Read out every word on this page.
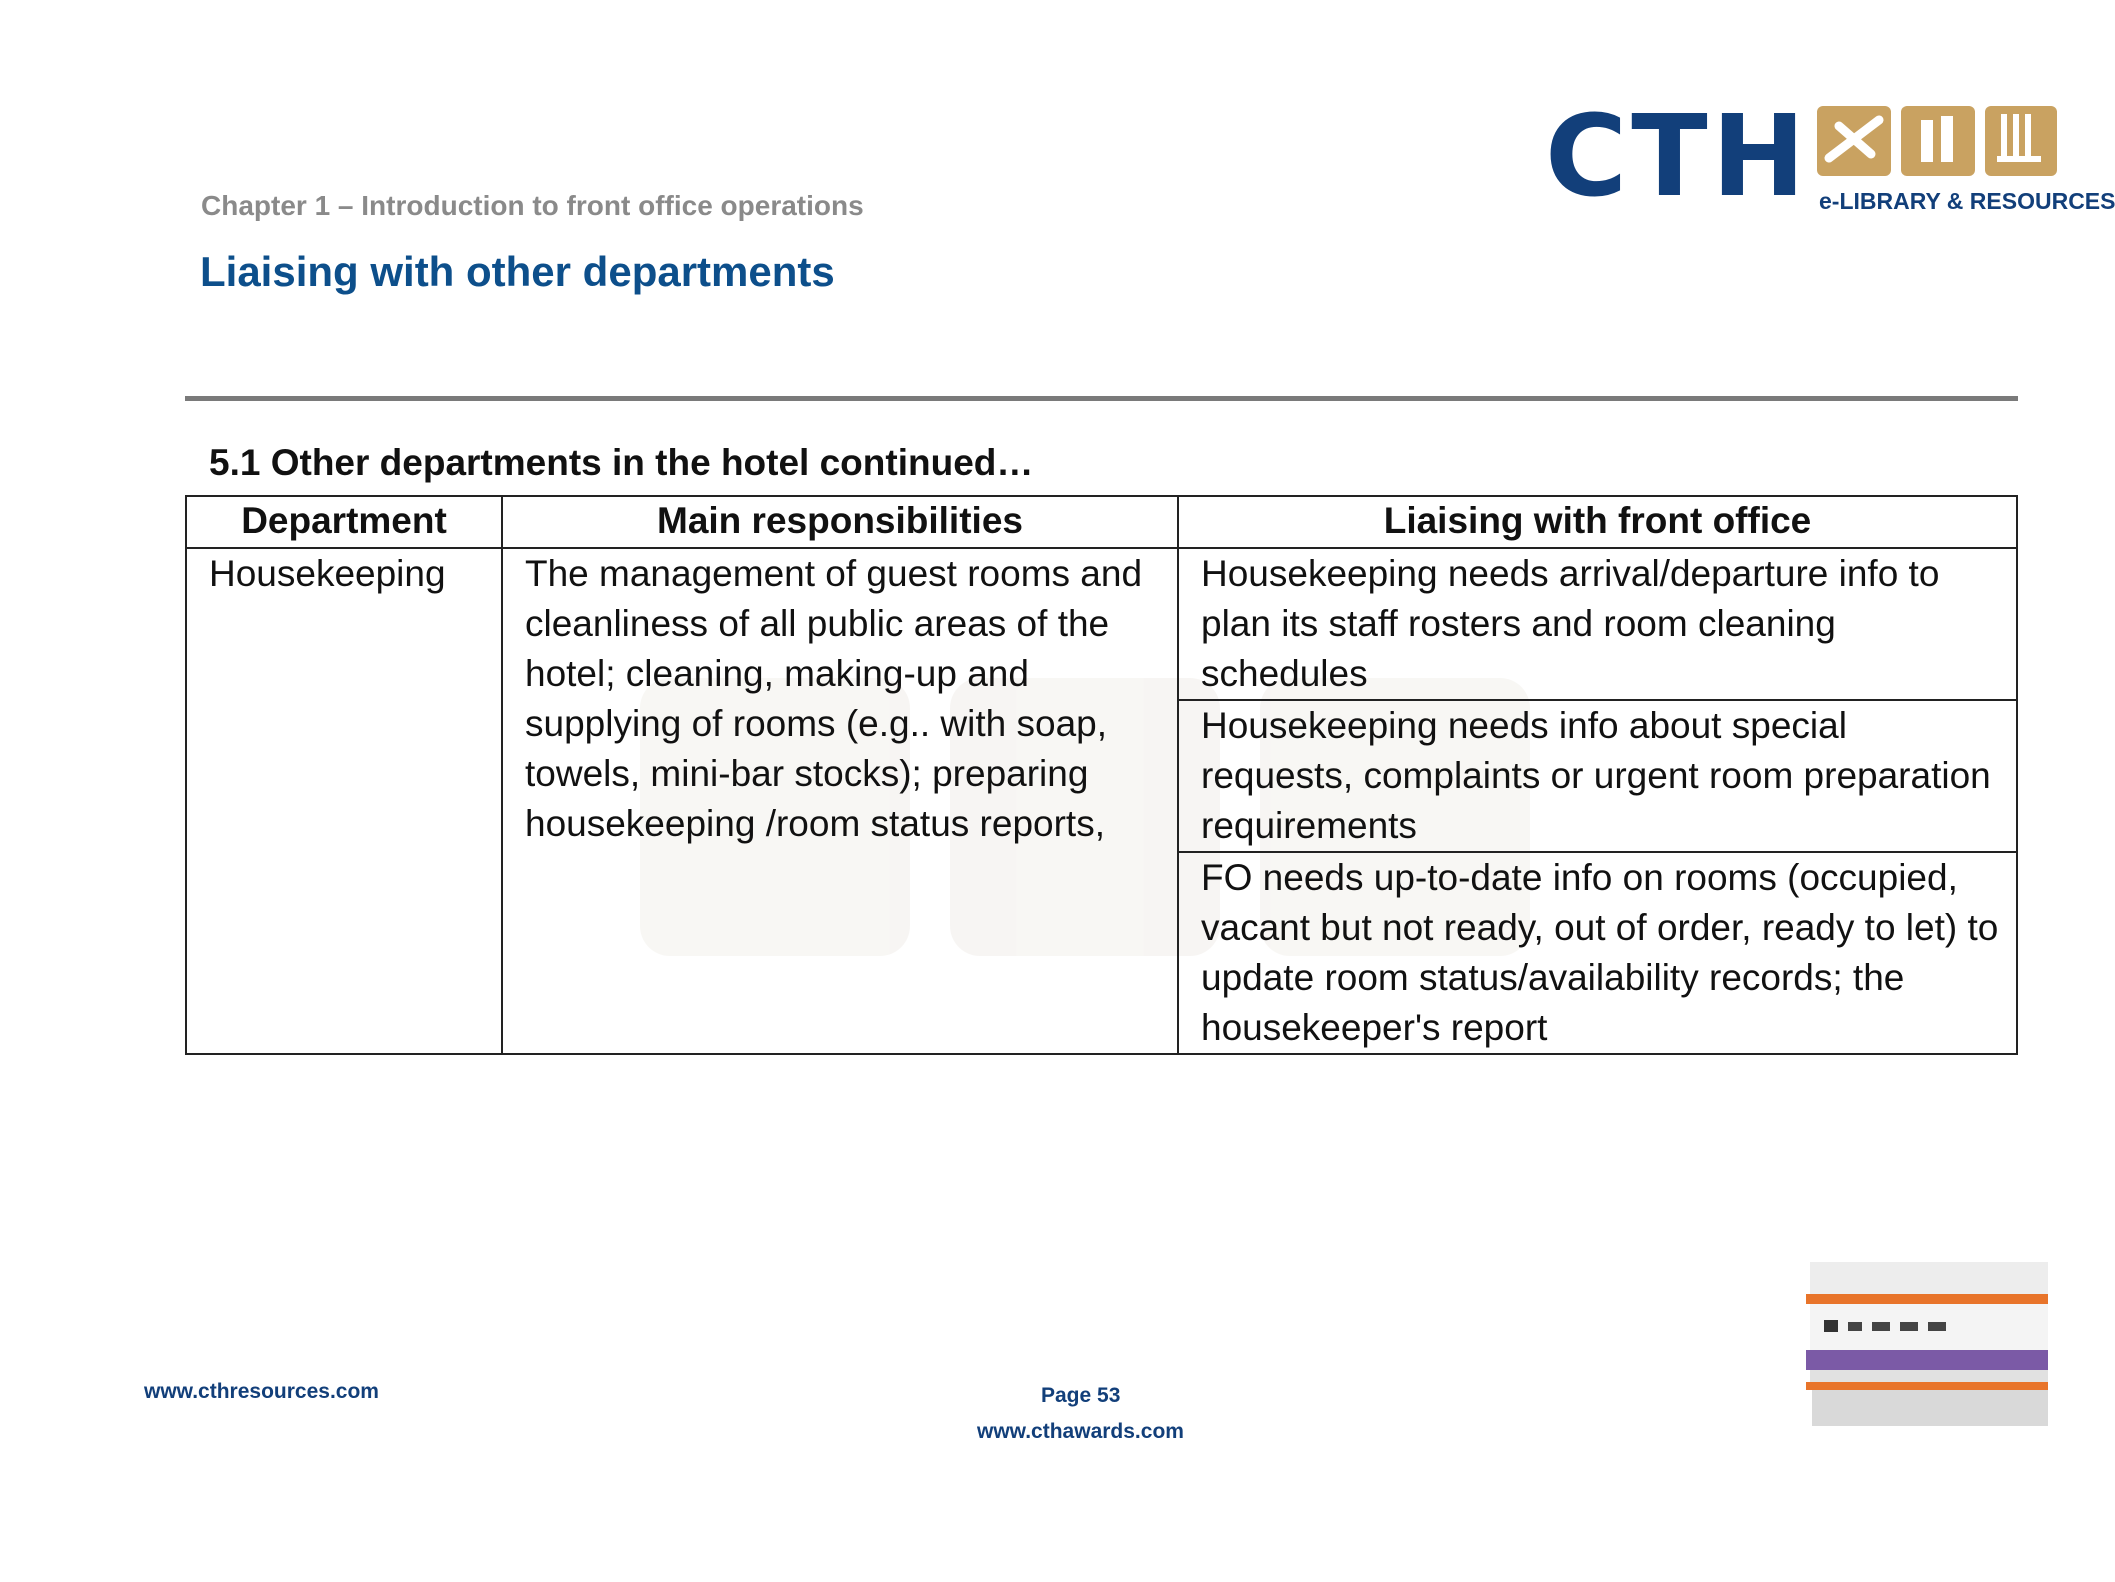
CTH e-LIBRARY & RESOURCES
Chapter 1 – Introduction to front office operations
Liaising with other departments
5.1 Other departments in the hotel continued…
Department	Main responsibilities	Liaising with front office
Housekeeping	The management of guest rooms and cleanliness of all public areas of the hotel; cleaning, making-up and supplying of rooms (e.g.. with soap, towels, mini-bar stocks); preparing housekeeping /room status reports,	Housekeeping needs arrival/departure info to plan its staff rosters and room cleaning schedules
		Housekeeping needs info about special requests, complaints or urgent room preparation requirements
		FO needs up-to-date info on rooms (occupied, vacant but not ready, out of order, ready to let) to update room status/availability records; the housekeeper's report
www.cthresources.com	Page 53
www.cthawards.com
